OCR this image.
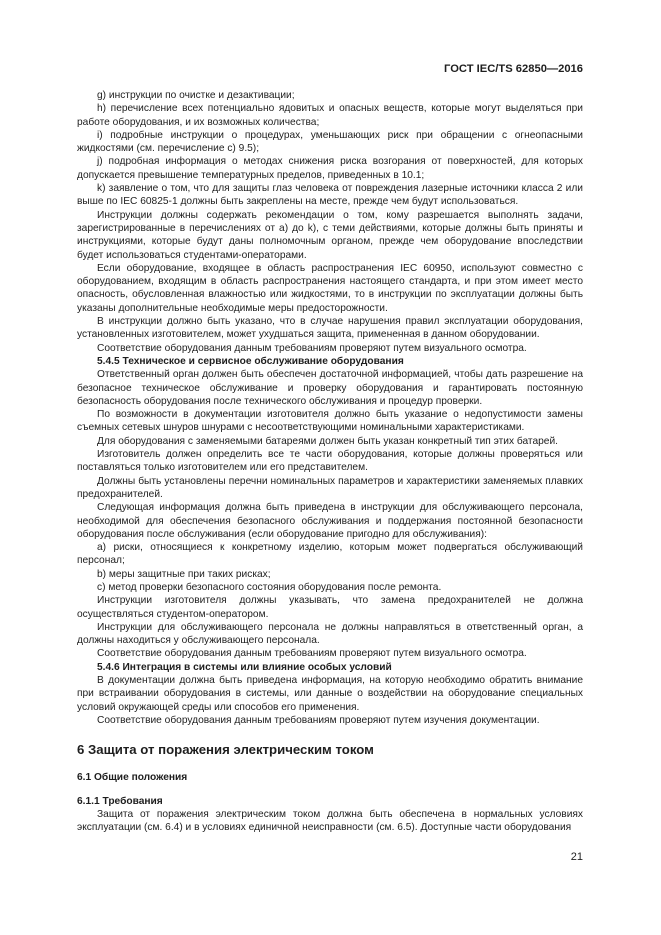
ГОСТ IEC/TS 62850—2016

g) инструкции по очистке и дезактивации;

h) перечисление всех потенциально ядовитых и опасных веществ, которые могут выделяться при работе оборудования, и их возможных количества;

i) подробные инструкции о процедурах, уменьшающих риск при обращении с огнеопасными жидкостями (см. перечисление с) 9.5);

j) подробная информация о методах снижения риска возгорания от поверхностей, для которых допускается превышение температурных пределов, приведенных в 10.1;

k) заявление о том, что для защиты глаз человека от повреждения лазерные источники класса 2 или выше по IEC 60825-1 должны быть закреплены на месте, прежде чем будут использоваться.

Инструкции должны содержать рекомендации о том, кому разрешается выполнять задачи, зарегистрированные в перечислениях от а) до k), с теми действиями, которые должны быть приняты и инструкциями, которые будут даны полномочным органом, прежде чем оборудование впоследствии будет использоваться студентами-операторами.

Если оборудование, входящее в область распространения IEC 60950, используют совместно с оборудованием, входящим в область распространения настоящего стандарта, и при этом имеет место опасность, обусловленная влажностью или жидкостями, то в инструкции по эксплуатации должны быть указаны дополнительные необходимые меры предосторожности.

В инструкции должно быть указано, что в случае нарушения правил эксплуатации оборудования, установленных изготовителем, может ухудшаться защита, примененная в данном оборудовании.

Соответствие оборудования данным требованиям проверяют путем визуального осмотра.

5.4.5 Техническое и сервисное обслуживание оборудования

Ответственный орган должен быть обеспечен достаточной информацией, чтобы дать разрешение на безопасное техническое обслуживание и проверку оборудования и гарантировать постоянную безопасность оборудования после технического обслуживания и процедур проверки.

По возможности в документации изготовителя должно быть указание о недопустимости замены съемных сетевых шнуров шнурами с несоответствующими номинальными характеристиками.

Для оборудования с заменяемыми батареями должен быть указан конкретный тип этих батарей.

Изготовитель должен определить все те части оборудования, которые должны проверяться или поставляться только изготовителем или его представителем.

Должны быть установлены перечни номинальных параметров и характеристики заменяемых плавких предохранителей.

Следующая информация должна быть приведена в инструкции для обслуживающего персонала, необходимой для обеспечения безопасного обслуживания и поддержания постоянной безопасности оборудования после обслуживания (если оборудование пригодно для обслуживания):

а) риски, относящиеся к конкретному изделию, которым может подвергаться обслуживающий персонал;

b) меры защитные при таких рисках;

c) метод проверки безопасного состояния оборудования после ремонта.

Инструкции изготовителя должны указывать, что замена предохранителей не должна осуществляться студентом-оператором.

Инструкции для обслуживающего персонала не должны направляться в ответственный орган, а должны находиться у обслуживающего персонала.

Соответствие оборудования данным требованиям проверяют путем визуального осмотра.

5.4.6 Интеграция в системы или влияние особых условий

В документации должна быть приведена информация, на которую необходимо обратить внимание при встраивании оборудования в системы, или данные о воздействии на оборудование специальных условий окружающей среды или способов его применения.

Соответствие оборудования данным требованиям проверяют путем изучения документации.

6 Защита от поражения электрическим током

6.1 Общие положения

6.1.1 Требования

Защита от поражения электрическим током должна быть обеспечена в нормальных условиях эксплуатации (см. 6.4) и в условиях единичной неисправности (см. 6.5). Доступные части оборудования

21
